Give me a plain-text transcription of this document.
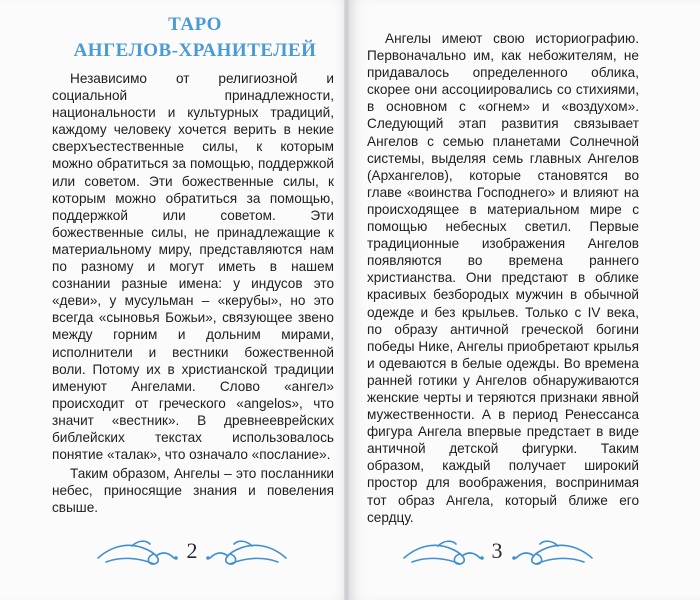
ТАРО
АНГЕЛОВ-ХРАНИТЕЛЕЙ

Независимо от религиозной и социальной принадлежности, национальности и культурных традиций, каждому человеку хочется верить в некие сверхъестественные силы, к которым можно обратиться за помощью, поддержкой или советом. Эти божественные силы, к которым можно обратиться за помощью, поддержкой или советом. Эти божественные силы, не принадлежащие к материальному миру, представляются нам по разному и могут иметь в нашем сознании разные имена: у индусов это «деви», у мусульман – «керубы», но это всегда «сыновья Божьи», связующее звено между горним и дольним мирами, исполнители и вестники божественной воли. Потому их в христианской традиции именуют Ангелами. Слово «ангел» происходит от греческого «angelos», что значит «вестник». В древнееврейских библейских текстах использовалось понятие «талак», что означало «послание».

Таким образом, Ангелы – это посланники небес, приносящие знания и повеления свыше.

2

Ангелы имеют свою историографию. Первоначально им, как небожителям, не придавалось определенного облика, скорее они ассоциировались со стихиями, в основном с «огнем» и «воздухом». Следующий этап развития связывает Ангелов с семью планетами Солнечной системы, выделяя семь главных Ангелов (Архангелов), которые становятся во главе «воинства Господнего» и влияют на происходящее в материальном мире с помощью небесных светил. Первые традиционные изображения Ангелов появляются во времена раннего христианства. Они предстают в облике красивых безбородых мужчин в обычной одежде и без крыльев. Только с IV века, по образу античной греческой богини победы Нике, Ангелы приобретают крылья и одеваются в белые одежды. Во времена ранней готики у Ангелов обнаруживаются женские черты и теряются признаки явной мужественности. А в период Ренессанса фигура Ангела впервые предстает в виде античной детской фигурки. Таким образом, каждый получает широкий простор для воображения, воспринимая тот образ Ангела, который ближе его сердцу.

3
